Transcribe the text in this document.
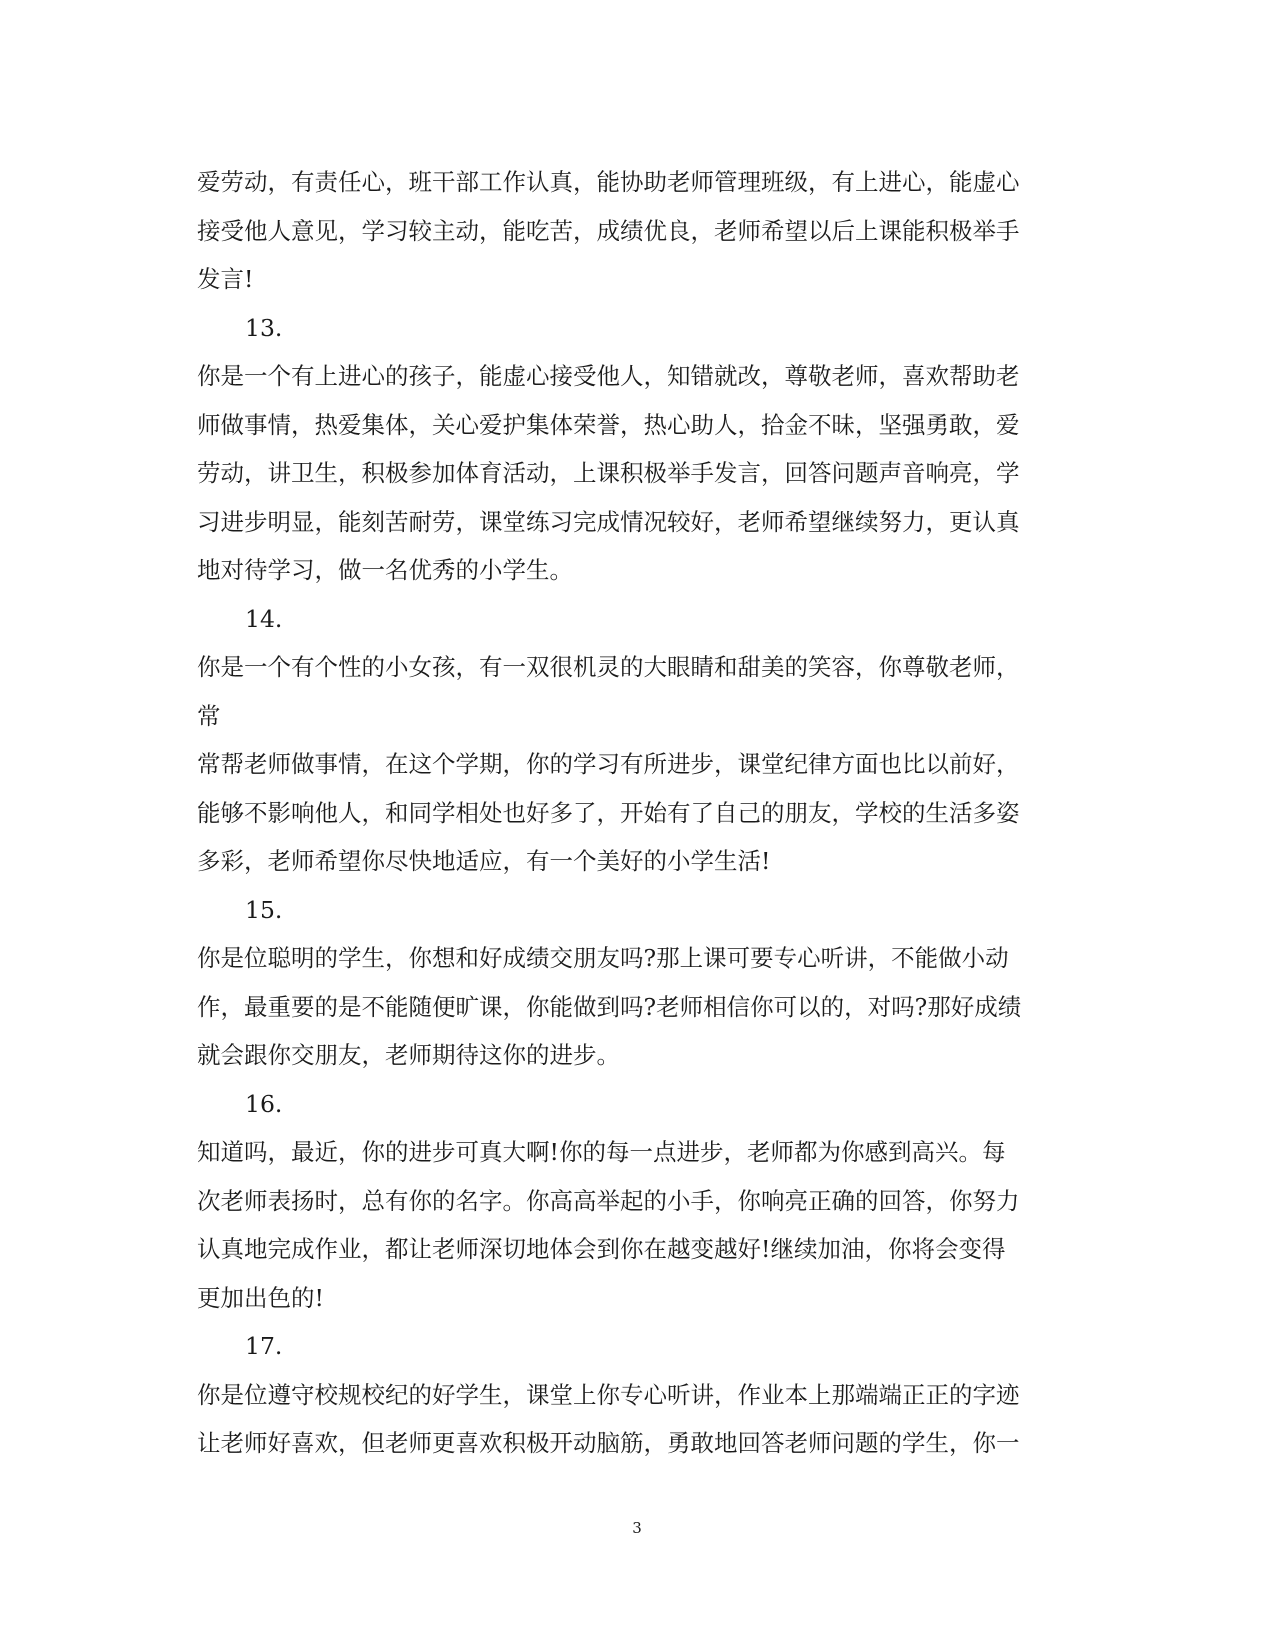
爱劳动，有责任心，班干部工作认真，能协助老师管理班级，有上进心，能虚心
接受他人意见，学习较主动，能吃苦，成绩优良，老师希望以后上课能积极举手
发言!
13.
你是一个有上进心的孩子，能虚心接受他人，知错就改，尊敬老师，喜欢帮助老
师做事情，热爱集体，关心爱护集体荣誉，热心助人，拾金不昧，坚强勇敢，爱
劳动，讲卫生，积极参加体育活动，上课积极举手发言，回答问题声音响亮，学
习进步明显，能刻苦耐劳，课堂练习完成情况较好，老师希望继续努力，更认真
地对待学习，做一名优秀的小学生。
14.
你是一个有个性的小女孩，有一双很机灵的大眼睛和甜美的笑容，你尊敬老师，
常
常帮老师做事情，在这个学期，你的学习有所进步，课堂纪律方面也比以前好，
能够不影响他人，和同学相处也好多了，开始有了自己的朋友，学校的生活多姿
多彩，老师希望你尽快地适应，有一个美好的小学生活!
15.
你是位聪明的学生，你想和好成绩交朋友吗?那上课可要专心听讲，不能做小动
作，最重要的是不能随便旷课，你能做到吗?老师相信你可以的，对吗?那好成绩
就会跟你交朋友，老师期待这你的进步。
16.
知道吗，最近，你的进步可真大啊!你的每一点进步，老师都为你感到高兴。每
次老师表扬时，总有你的名字。你高高举起的小手，你响亮正确的回答，你努力
认真地完成作业，都让老师深切地体会到你在越变越好!继续加油，你将会变得
更加出色的!
17.
你是位遵守校规校纪的好学生，课堂上你专心听讲，作业本上那端端正正的字迹
让老师好喜欢，但老师更喜欢积极开动脑筋，勇敢地回答老师问题的学生，你一
3
